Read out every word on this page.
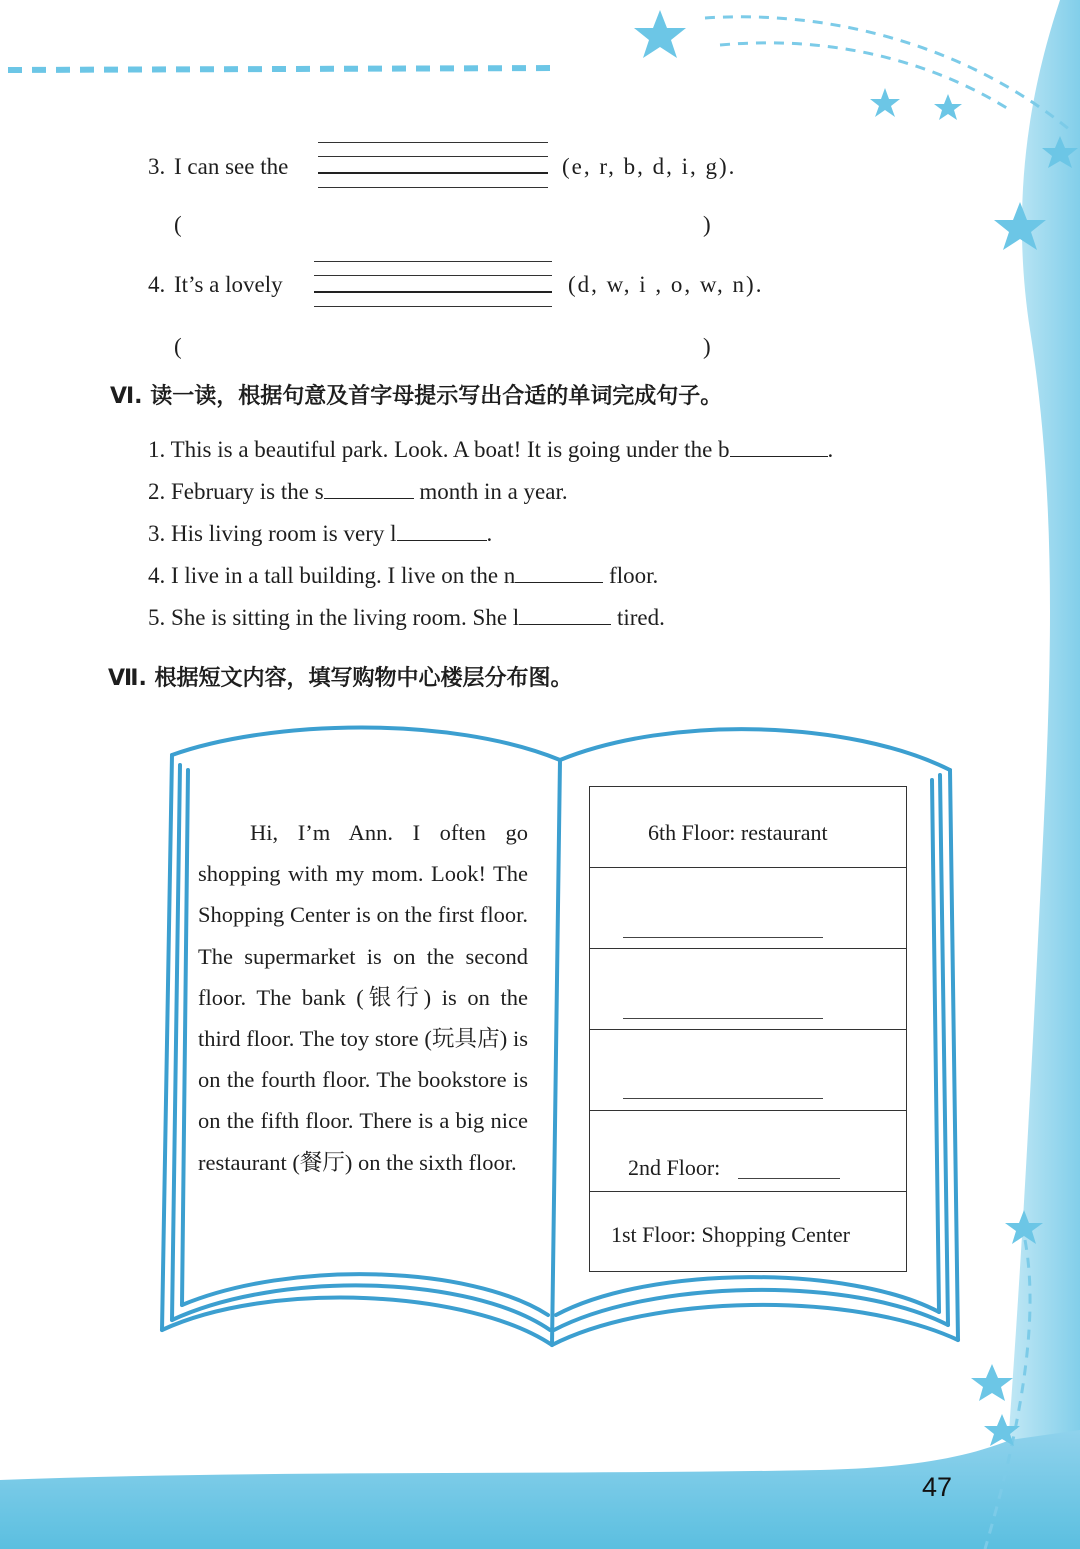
3. I can see the	(e, r, b, d, i, g).
(	)
4. It’s a lovely	(d, w, i , o, w, n).
(	)
Ⅵ. 读一读，根据句意及首字母提示写出合适的单词完成句子。
1. This is a beautiful park. Look. A boat! It is going under the b	.
2. February is the s	month in a year.
3. His living room is very l	.
4. I live in a tall building. I live on the n	floor.
5. She is sitting in the living room. She l	tired.
Ⅶ. 根据短文内容，填写购物中心楼层分布图。
Hi, I’m Ann. I often go shopping with my mom. Look! The Shopping Center is on the first floor. The supermarket is on the second floor. The bank (银行) is on the third floor. The toy store (玩具店) is on the fourth floor. The bookstore is on the fifth floor. There is a big nice restaurant (餐厅) on the sixth floor.
6th Floor: restaurant
2nd Floor:
1st Floor: Shopping Center
47
